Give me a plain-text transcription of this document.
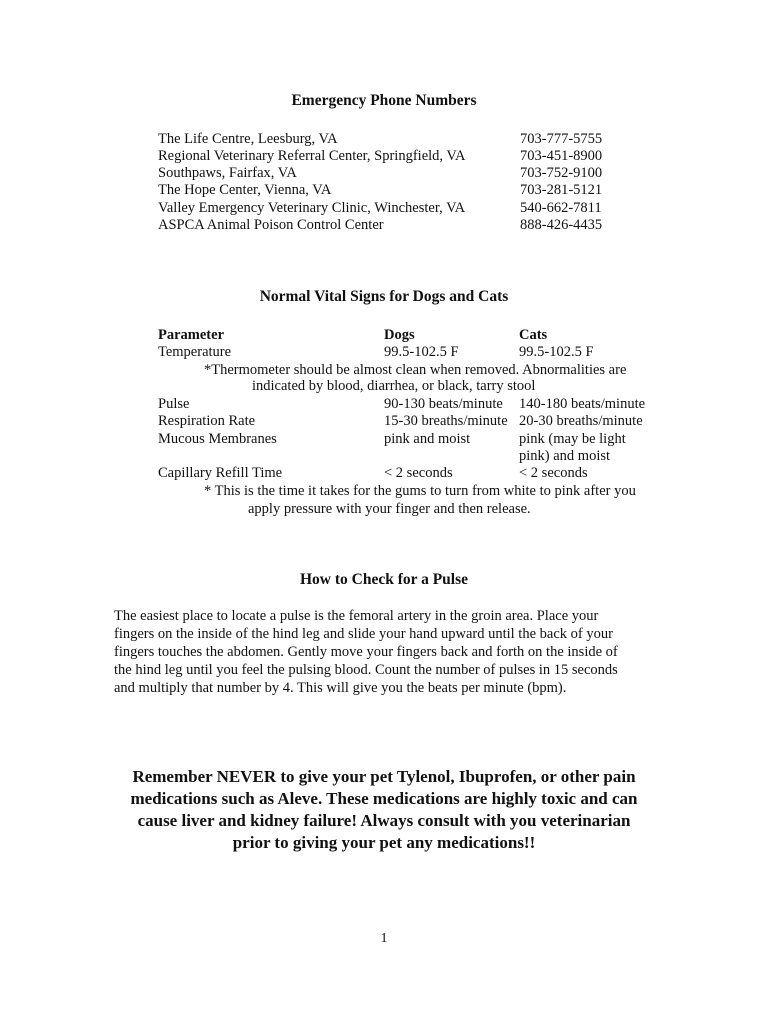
Emergency Phone Numbers
The Life Centre, Leesburg, VA	703-777-5755
Regional Veterinary Referral Center, Springfield, VA	703-451-8900
Southpaws, Fairfax, VA	703-752-9100
The Hope Center, Vienna, VA	703-281-5121
Valley Emergency Veterinary Clinic, Winchester, VA	540-662-7811
ASPCA Animal Poison Control Center	888-426-4435
Normal Vital Signs for Dogs and Cats
Parameter	Dogs	Cats
Temperature	99.5-102.5 F	99.5-102.5 F
*Thermometer should be almost clean when removed. Abnormalities are
indicated by blood, diarrhea, or black, tarry stool
Pulse	90-130 beats/minute 140-180 beats/minute
Respiration Rate	15-30 breaths/minute 20-30 breaths/minute
Mucous Membranes	pink and moist	pink (may be light
pink) and moist
Capillary Refill Time	< 2 seconds	< 2 seconds
* This is the time it takes for the gums to turn from white to pink after you
apply pressure with your finger and then release.
How to Check for a Pulse
The easiest place to locate a pulse is the femoral artery in the groin area. Place your
fingers on the inside of the hind leg and slide your hand upward until the back of your
fingers touches the abdomen. Gently move your fingers back and forth on the inside of
the hind leg until you feel the pulsing blood. Count the number of pulses in 15 seconds
and multiply that number by 4. This will give you the beats per minute (bpm).
Remember NEVER to give your pet Tylenol, Ibuprofen, or other pain
medications such as Aleve. These medications are highly toxic and can
cause liver and kidney failure! Always consult with you veterinarian
prior to giving your pet any medications!!
1
